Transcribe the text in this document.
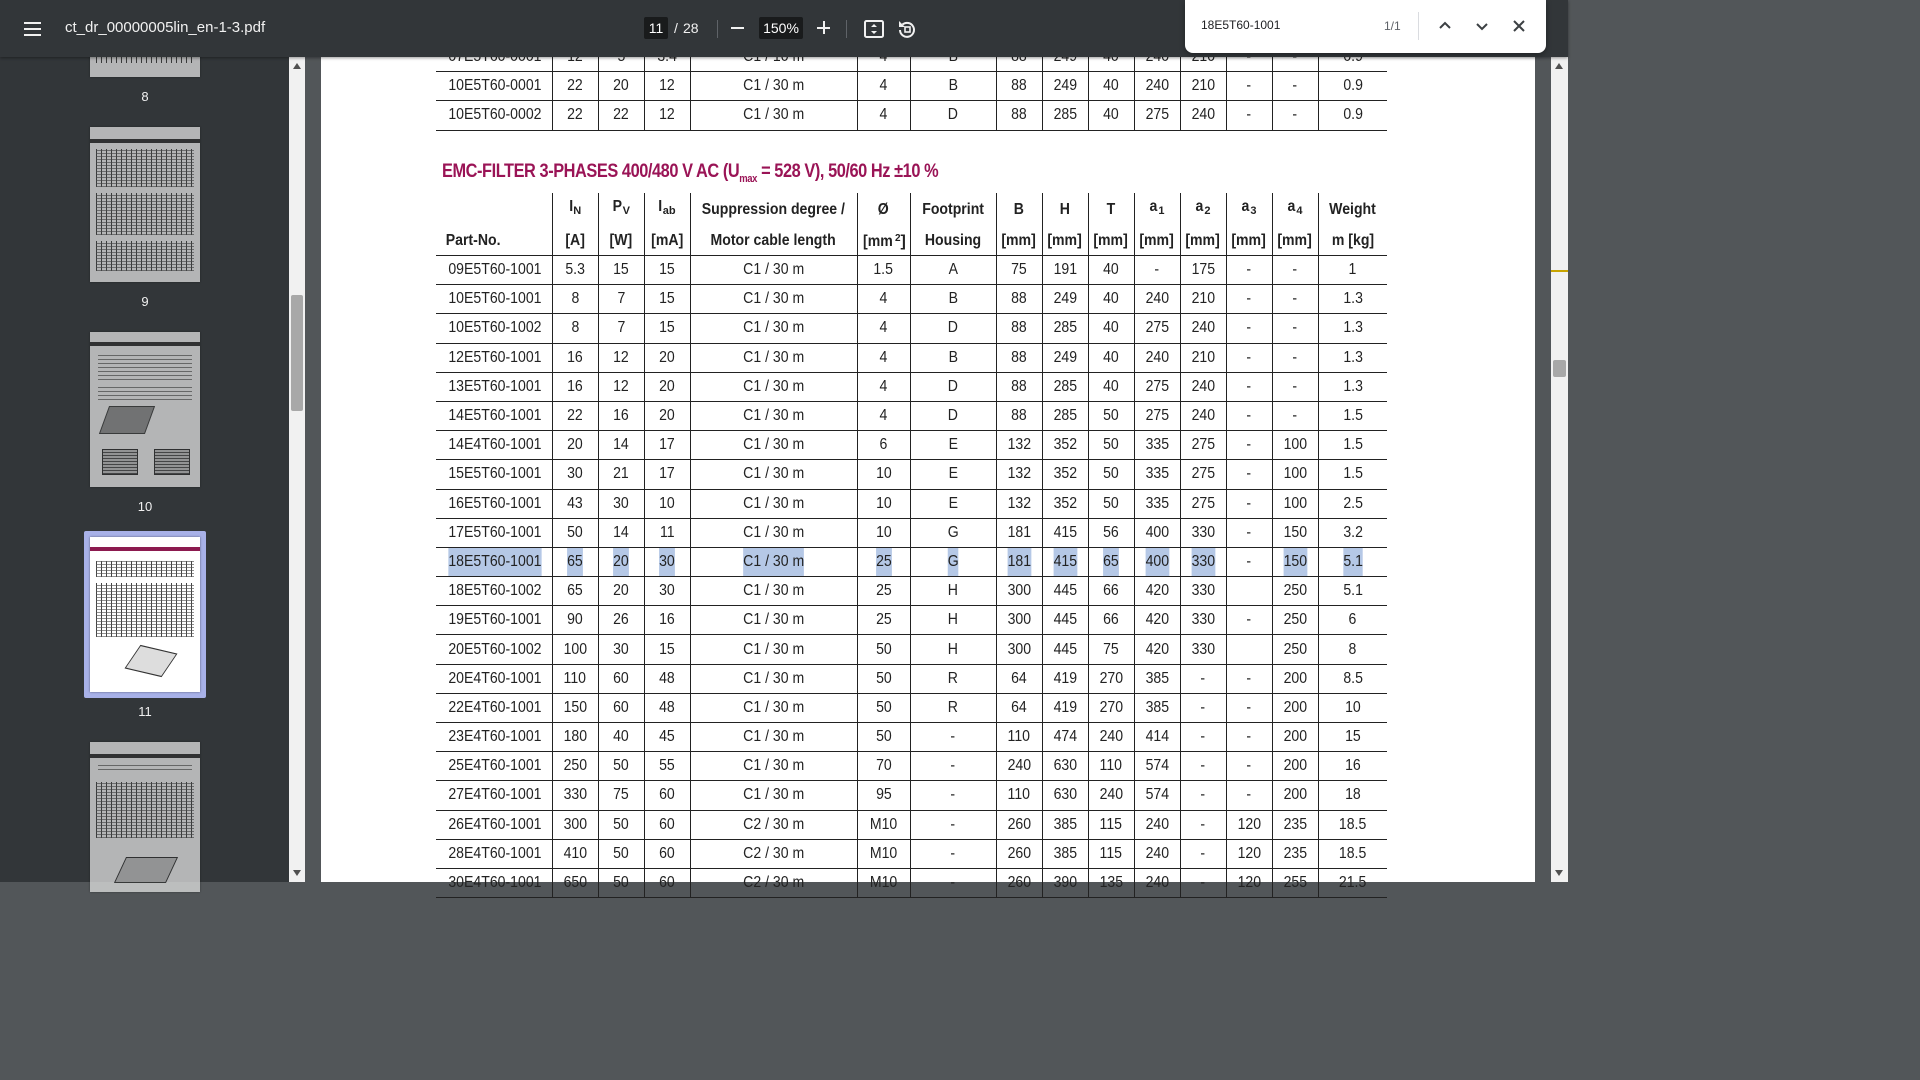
ct_dr_00000005lin_en-1-3.pdf	11 / 28	150%	18E5T60-1001	1/1
8
9
10
11

10E5T60-0001	22	20	12	C1 / 30 m	4	B	88	249	40	240	210	-	-	0.9
10E5T60-0002	22	22	12	C1 / 30 m	4	D	88	285	40	275	240	-	-	0.9
EMC-FILTER 3-PHASES 400/480 V AC ($U_{max} = 528$ V), 50/60 Hz ±10 %
	$I_N$	$P_V$	$I_{ab}$	Suppression degree /	Ø	Footprint	B	H	T	$a_1$	$a_2$	$a_3$	$a_4$	Weight
Part-No.	[A]	[W]	[mA]	Motor cable length	[mm $^2$]	Housing	[mm]	[mm]	[mm]	[mm]	[mm]	[mm]	[mm]	m [kg]
09E5T60-1001	5.3	15	15	C1 / 30 m	1.5	A	75	191	40	-	175	-	-	1
10E5T60-1001	8	7	15	C1 / 30 m	4	B	88	249	40	240	210	-	-	1.3
10E5T60-1002	8	7	15	C1 / 30 m	4	D	88	285	40	275	240	-	-	1.3
12E5T60-1001	16	12	20	C1 / 30 m	4	B	88	249	40	240	210	-	-	1.3
13E5T60-1001	16	12	20	C1 / 30 m	4	D	88	285	40	275	240	-	-	1.3
14E5T60-1001	22	16	20	C1 / 30 m	4	D	88	285	50	275	240	-	-	1.5
14E4T60-1001	20	14	17	C1 / 30 m	6	E	132	352	50	335	275	-	100	1.5
15E5T60-1001	30	21	17	C1 / 30 m	10	E	132	352	50	335	275	-	100	1.5
16E5T60-1001	43	30	10	C1 / 30 m	10	E	132	352	50	335	275	-	100	2.5
17E5T60-1001	50	14	11	C1 / 30 m	10	G	181	415	56	400	330	-	150	3.2
18E5T60-1001	65	20	30	C1 / 30 m	25	G	181	415	65	400	330	-	150	5.1
18E5T60-1002	65	20	30	C1 / 30 m	25	H	300	445	66	420	330		250	5.1
19E5T60-1001	90	26	16	C1 / 30 m	25	H	300	445	66	420	330	-	250	6
20E5T60-1002	100	30	15	C1 / 30 m	50	H	300	445	75	420	330		250	8
20E4T60-1001	110	60	48	C1 / 30 m	50	R	64	419	270	385	-	-	200	8.5
22E4T60-1001	150	60	48	C1 / 30 m	50	R	64	419	270	385	-	-	200	10
23E4T60-1001	180	40	45	C1 / 30 m	50	-	110	474	240	414	-	-	200	15
25E4T60-1001	250	50	55	C1 / 30 m	70	-	240	630	110	574	-	-	200	16
27E4T60-1001	330	75	60	C1 / 30 m	95	-	110	630	240	574	-	-	200	18
26E4T60-1001	300	50	60	C2 / 30 m	M10	-	260	385	115	240	-	120	235	18.5
28E4T60-1001	410	50	60	C2 / 30 m	M10	-	260	385	115	240	-	120	235	18.5
30E4T60-1001	650	50	60	C2 / 30 m	M10	-	260	390	135	240	-	120	255	21.5
